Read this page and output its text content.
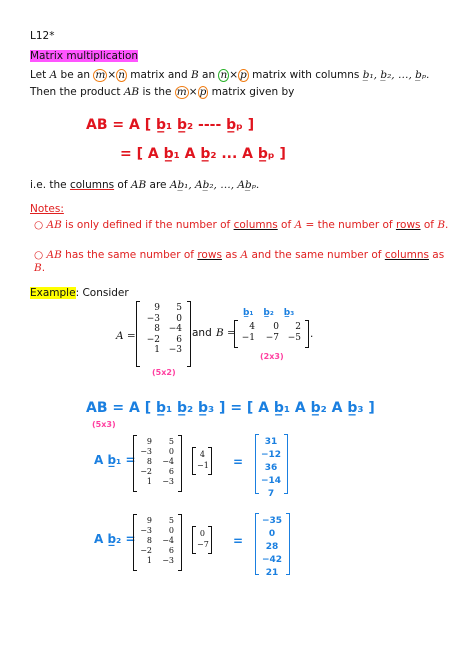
L12*
Matrix multiplication
Let A be an m × n matrix and B an n × p matrix with columns b̲₁, b̲₂, …, b̲ₚ.
Then the product AB is the m × p matrix given by
AB = A [ b̲₁ b̲₂ ---- b̲ₚ ]
= [ A b̲₁ A b̲₂ ... A b̲ₚ ]
i.e. the columns of AB are Ab̲₁, Ab̲₂, …, Ab̲ₚ.
Notes:
○ AB is only defined if the number of columns of A = the number of rows of B.
○ AB has the same number of rows as A and the same number of columns as B.
Example: Consider
A =
9	5
−3	0
8 −4
−2	6
1 −3
and B =
b̲₁ b̲₂ b̲₃
4	0	2
−1	−7 −5 .
(2x3)
(5x2)
AB = A [ b̲₁ b̲₂ b̲₃ ] = [ A b̲₁ A b̲₂ A b̲₃ ]
(5x3)
A b̲₁ =
9	5
−3	0
8	−4
−2	6
1	−3
4
−1 =
31
−12
36
−14
7
A b̲₂ =
9	5
−3	0
8	−4
−2	6
1	−3
0
−7 =
−35
0
28
−42
21
